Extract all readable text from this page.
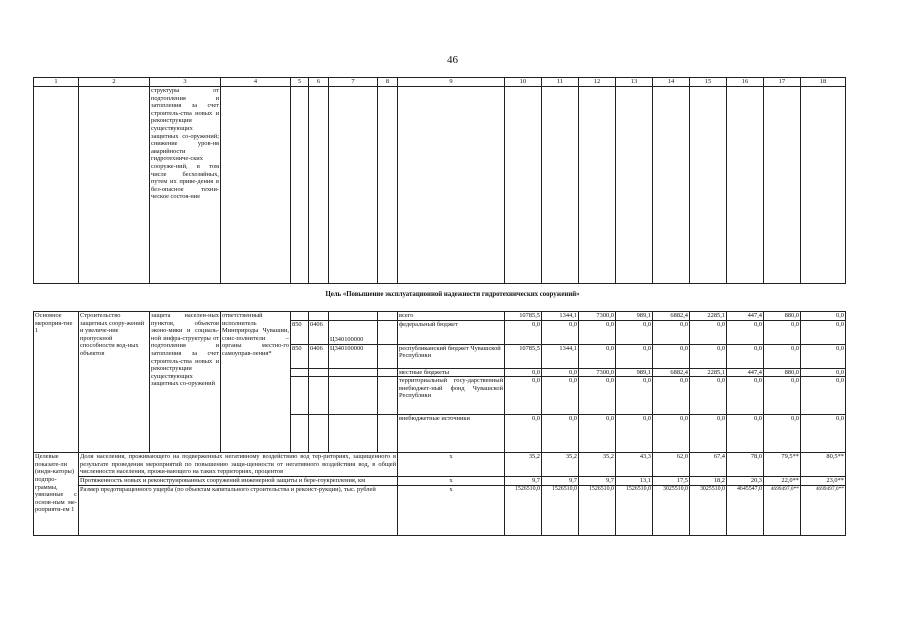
46
1	2	3	4	5	6	7	8	9	10	11	12	13	14	15	16	17	18
		структуры от подтопления и затопления за счет строитель-ства новых и реконструкции существующих защитных со-оружений; снижение уров-ня аварийности гидротехниче-ских сооруже-ний, в том числе бесхозяйных, путем их приве-дения в без-опасное техни-ческое состоя-ние															
Цель «Повышение эксплуатационной надежности гидротехнических сооружений»
Основное мероприя-тие 1	Строительство защитных соору-жений и увеличе-ние пропускной способности вод-ных объектов	защита населен-ных пунктов, объектов эконо-мики и социаль-ной инфра-структуры от подтопления и затопления за счет строитель-ства новых и реконструкции существующих защитных со-оружений	ответственный исполнитель Минприроды Чувашии, соис-полнители – органы местно-го самоуправ-ления*					всего	10785,5	1344,1	7300,0	989,1	6882,4	2285,1	447,4	880,0	0,0
				850	0406	Ц340100000		федеральный бюджет	0,0	0,0	0,0	0,0	0,0	0,0	0,0	0,0	0,0
				850	0406	Ц340100000		республиканский бюджет Чувашской Республики	10785,5	1344,1	0,0	0,0	0,0	0,0	0,0	0,0	0,0
								местные бюджеты	0,0	0,0	7300,0	989,1	6882,4	2285,1	447,4	880,0	0,0
								территориальный госу-дарственный внебюджет-ный фонд Чувашской Республики	0,0	0,0	0,0	0,0	0,0	0,0	0,0	0,0	0,0
								внебюджетные источники	0,0	0,0	0,0	0,0	0,0	0,0	0,0	0,0	0,0
Целевые показате-ли (инди-каторы) подпро-граммы, увязанные с основ-ным ме-роприяти-ем 1	Доля населения, проживающего на подверженных негативному воздействию вод тер-риториях, защищенного в результате проведения мероприятий по повышению защи-щенности от негативного воздействия вод, в общей численности населения, прожи-вающего на таких территориях, процентов							х	35,2	35,2	35,2	43,3	62,0	67,4	78,0	79,5**	80,5**
	Протяженность новых и реконструированных сооружений инженерной защиты и бере-гоукрепления, км							х	9,7	9,7	9,7	13,1	17,5	18,2	20,3	22,0**	23,0**
	Размер предотвращенного ущерба (по объектам капитального строительства и реконст-рукции), тыс. рублей							х	1526510,0	1526510,0	1526510,0	1526510,0	3025510,0	3025510,0	4645547,0	4699497,0**	4699497,0**
